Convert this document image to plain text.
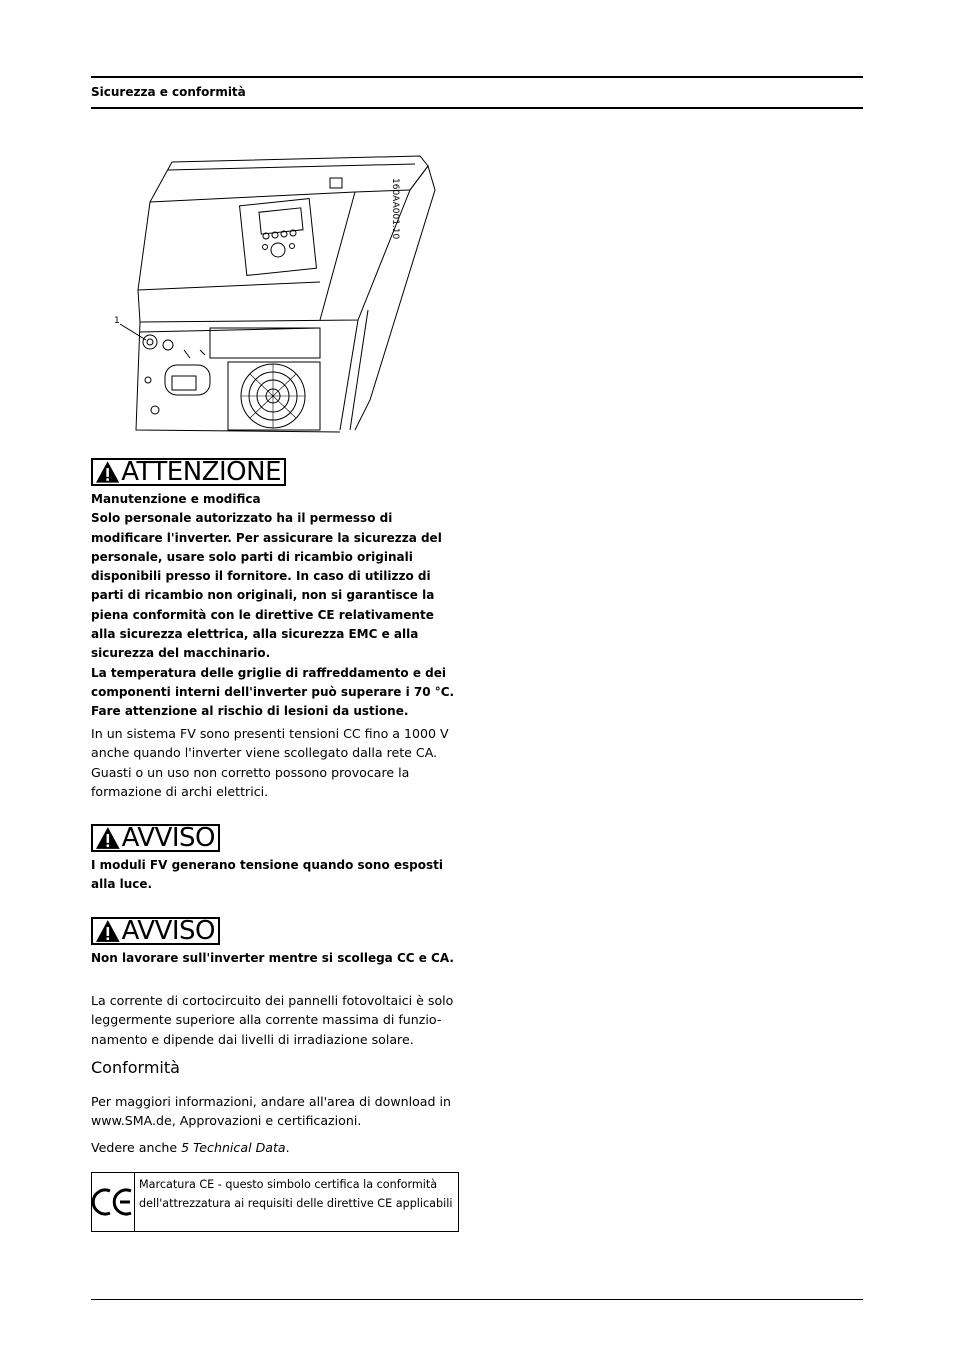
Sicurezza e conformità
1
160AA001.10
ATTENZIONE

Manutenzione e modifica

Solo personale autorizzato ha il permesso di modificare l'inverter. Per assicurare la sicurezza del personale, usare solo parti di ricambio originali disponibili presso il fornitore. In caso di utilizzo di parti di ricambio non originali, non si garantisce la piena conformità con le direttive CE relativamente alla sicurezza elettrica, alla sicurezza EMC e alla sicurezza del macchinario.

La temperatura delle griglie di raffreddamento e dei componenti interni dell'inverter può superare i 70 °C. Fare attenzione al rischio di lesioni da ustione.

In un sistema FV sono presenti tensioni CC fino a 1000 V anche quando l'inverter viene scollegato dalla rete CA. Guasti o un uso non corretto possono provocare la formazione di archi elettrici.

AVVISO

I moduli FV generano tensione quando sono esposti alla luce.

AVVISO

Non lavorare sull'inverter mentre si scollega CC e CA.

La corrente di cortocircuito dei pannelli fotovoltaici è solo leggermente superiore alla corrente massima di funzio- namento e dipende dai livelli di irradiazione solare.

Conformità

Per maggiori informazioni, andare all'area di download in www.SMA.de, Approvazioni e certificazioni.

Vedere anche 5 Technical Data.

Marcatura CE - questo simbolo certifica la conformità dell'attrezzatura ai requisiti delle direttive CE applicabili
